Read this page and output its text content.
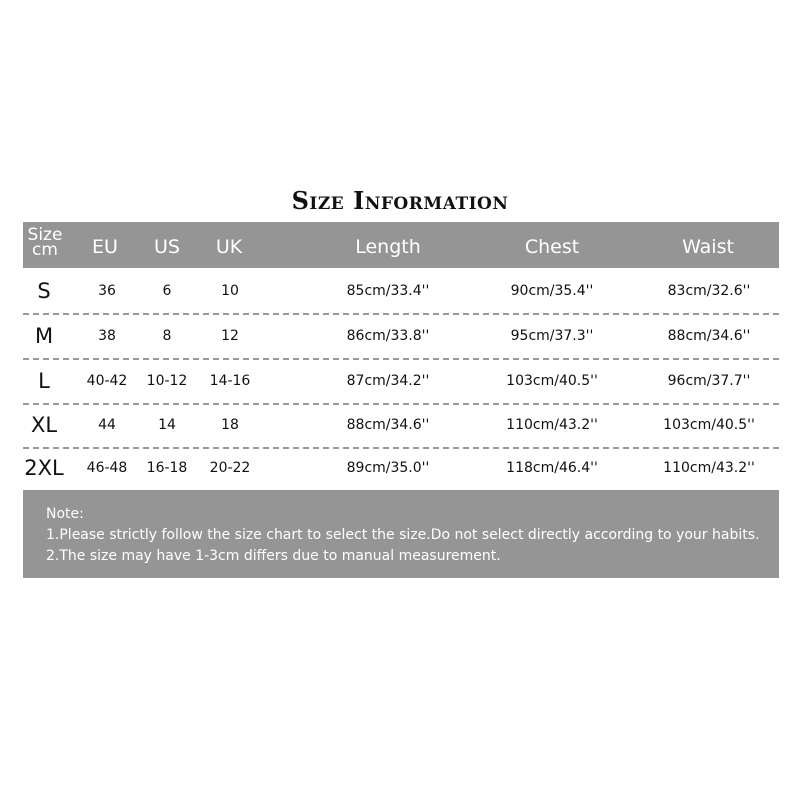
Size Information
Size
cm	EU US UK	Length	Chest	Waist
S	36	6	10	85cm/33.4''	90cm/35.4''	83cm/32.6''
M	38	8	12	86cm/33.8''	95cm/37.3''	88cm/34.6''
L	40-42 10-12 14-16	87cm/34.2''	103cm/40.5''	96cm/37.7''
XL	44	14	18	88cm/34.6''	110cm/43.2''	103cm/40.5''
2XL 46-48 16-18 20-22	89cm/35.0''	118cm/46.4''	110cm/43.2''
Note:
1.Please strictly follow the size chart to select the size.Do not select directly according to your habits.
2.The size may have 1-3cm differs due to manual measurement.
